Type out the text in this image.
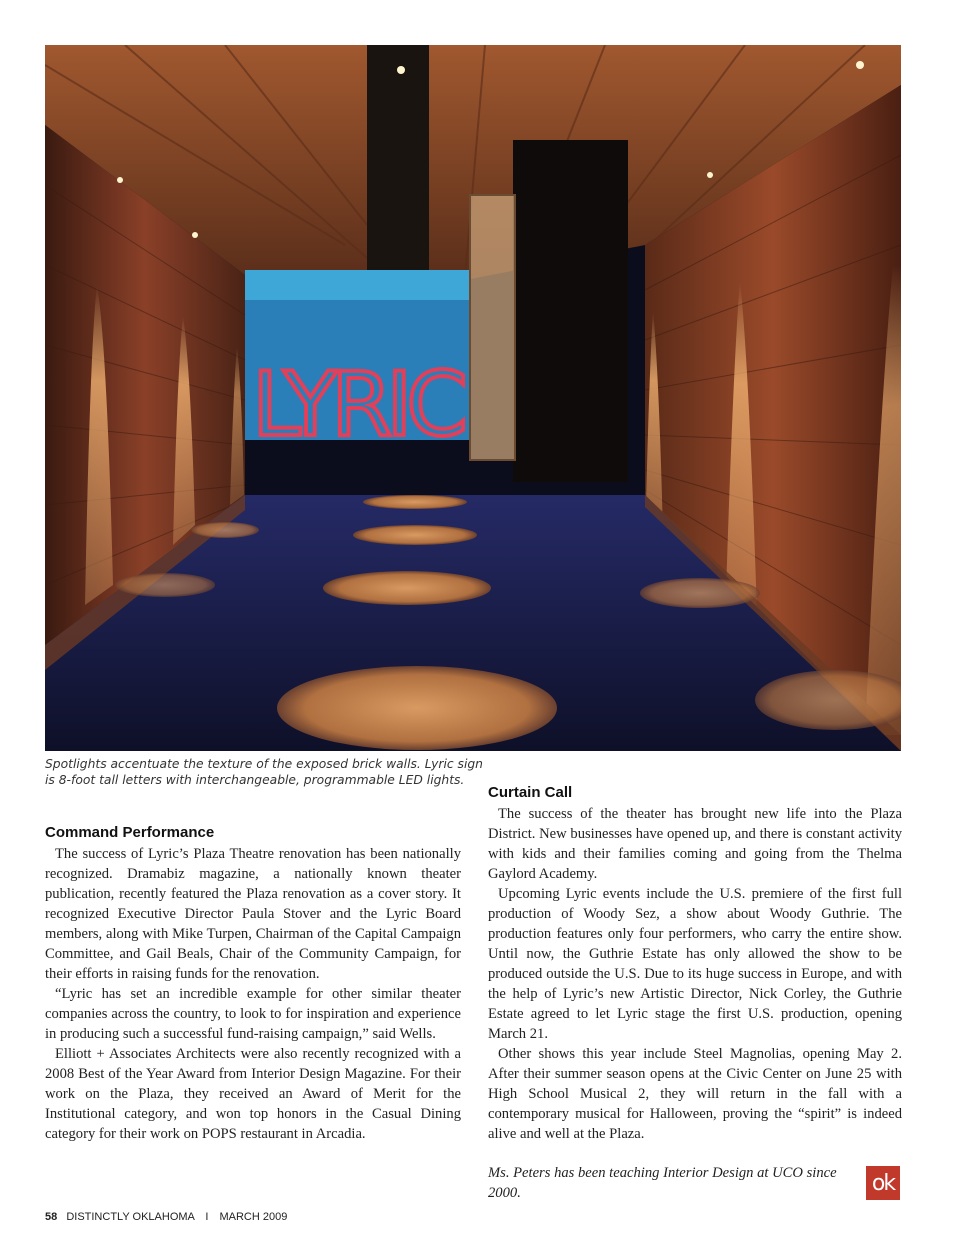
LYRIC
Spotlights accentuate the texture of the exposed brick walls. Lyric sign is 8-foot tall letters with interchangeable, programmable LED lights.
Command Performance

The success of Lyric’s Plaza Theatre renovation has been nationally recognized. Dramabiz magazine, a nationally known theater publication, recently featured the Plaza renovation as a cover story. It recognized Executive Director Paula Stover and the Lyric Board members, along with Mike Turpen, Chairman of the Capital Campaign Committee, and Gail Beals, Chair of the Community Campaign, for their efforts in raising funds for the renovation.

“Lyric has set an incredible example for other similar theater companies across the country, to look to for inspiration and experience in producing such a successful fund-raising campaign,” said Wells.

Elliott + Associates Architects were also recently recognized with a 2008 Best of the Year Award from Interior Design Magazine. For their work on the Plaza, they received an Award of Merit for the Institutional category, and won top honors in the Casual Dining category for their work on POPS restaurant in Arcadia.

Curtain Call

The success of the theater has brought new life into the Plaza District. New businesses have opened up, and there is constant activity with kids and their families coming and going from the Thelma Gaylord Academy.

Upcoming Lyric events include the U.S. premiere of the first full production of Woody Sez, a show about Woody Guthrie. The production features only four performers, who carry the entire show. Until now, the Guthrie Estate has only allowed the show to be produced outside the U.S. Due to its huge success in Europe, and with the help of Lyric’s new Artistic Director, Nick Corley, the Guthrie Estate agreed to let Lyric stage the first U.S. production, opening March 21.

Other shows this year include Steel Magnolias, opening May 2. After their summer season opens at the Civic Center on June 25 with High School Musical 2, they will return in the fall with a contemporary musical for Halloween, proving the “spirit” is indeed alive and well at the Plaza.

Ms. Peters has been teaching Interior Design at UCO since 2000.	ok
58 DISTINCTLY OKLAHOMA I MARCH 2009
